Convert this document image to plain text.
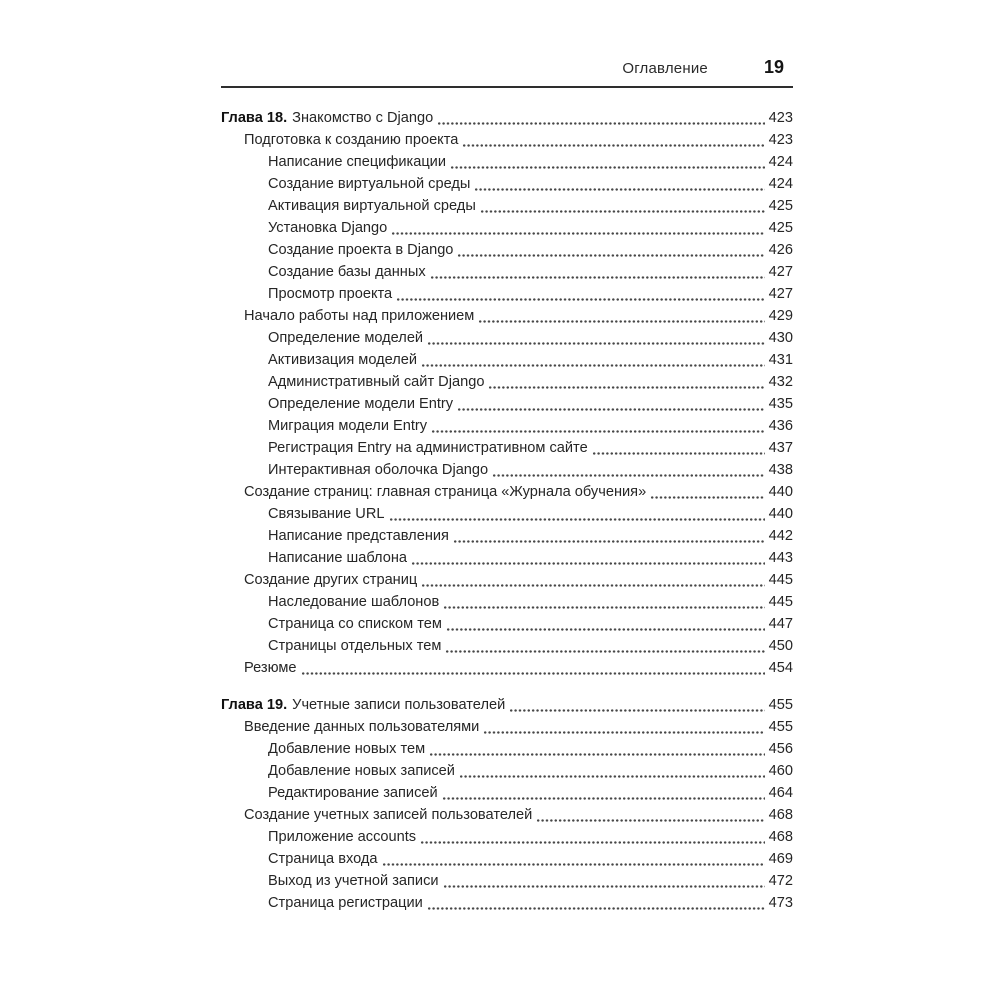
Оглавление	19
Глава 18. Знакомство с Django	423
Подготовка к созданию проекта	423
Написание спецификации	424
Создание виртуальной среды	424
Активация виртуальной среды	425
Установка Django	425
Создание проекта в Django	426
Создание базы данных	427
Просмотр проекта	427
Начало работы над приложением	429
Определение моделей	430
Активизация моделей	431
Административный сайт Django	432
Определение модели Entry	435
Миграция модели Entry	436
Регистрация Entry на административном сайте	437
Интерактивная оболочка Django	438
Создание страниц: главная страница «Журнала обучения»	440
Связывание URL	440
Написание представления	442
Написание шаблона	443
Создание других страниц	445
Наследование шаблонов	445
Страница со списком тем	447
Страницы отдельных тем	450
Резюме	454
Глава 19. Учетные записи пользователей	455
Введение данных пользователями	455
Добавление новых тем	456
Добавление новых записей	460
Редактирование записей	464
Создание учетных записей пользователей	468
Приложение accounts	468
Страница входа	469
Выход из учетной записи	472
Страница регистрации	473
